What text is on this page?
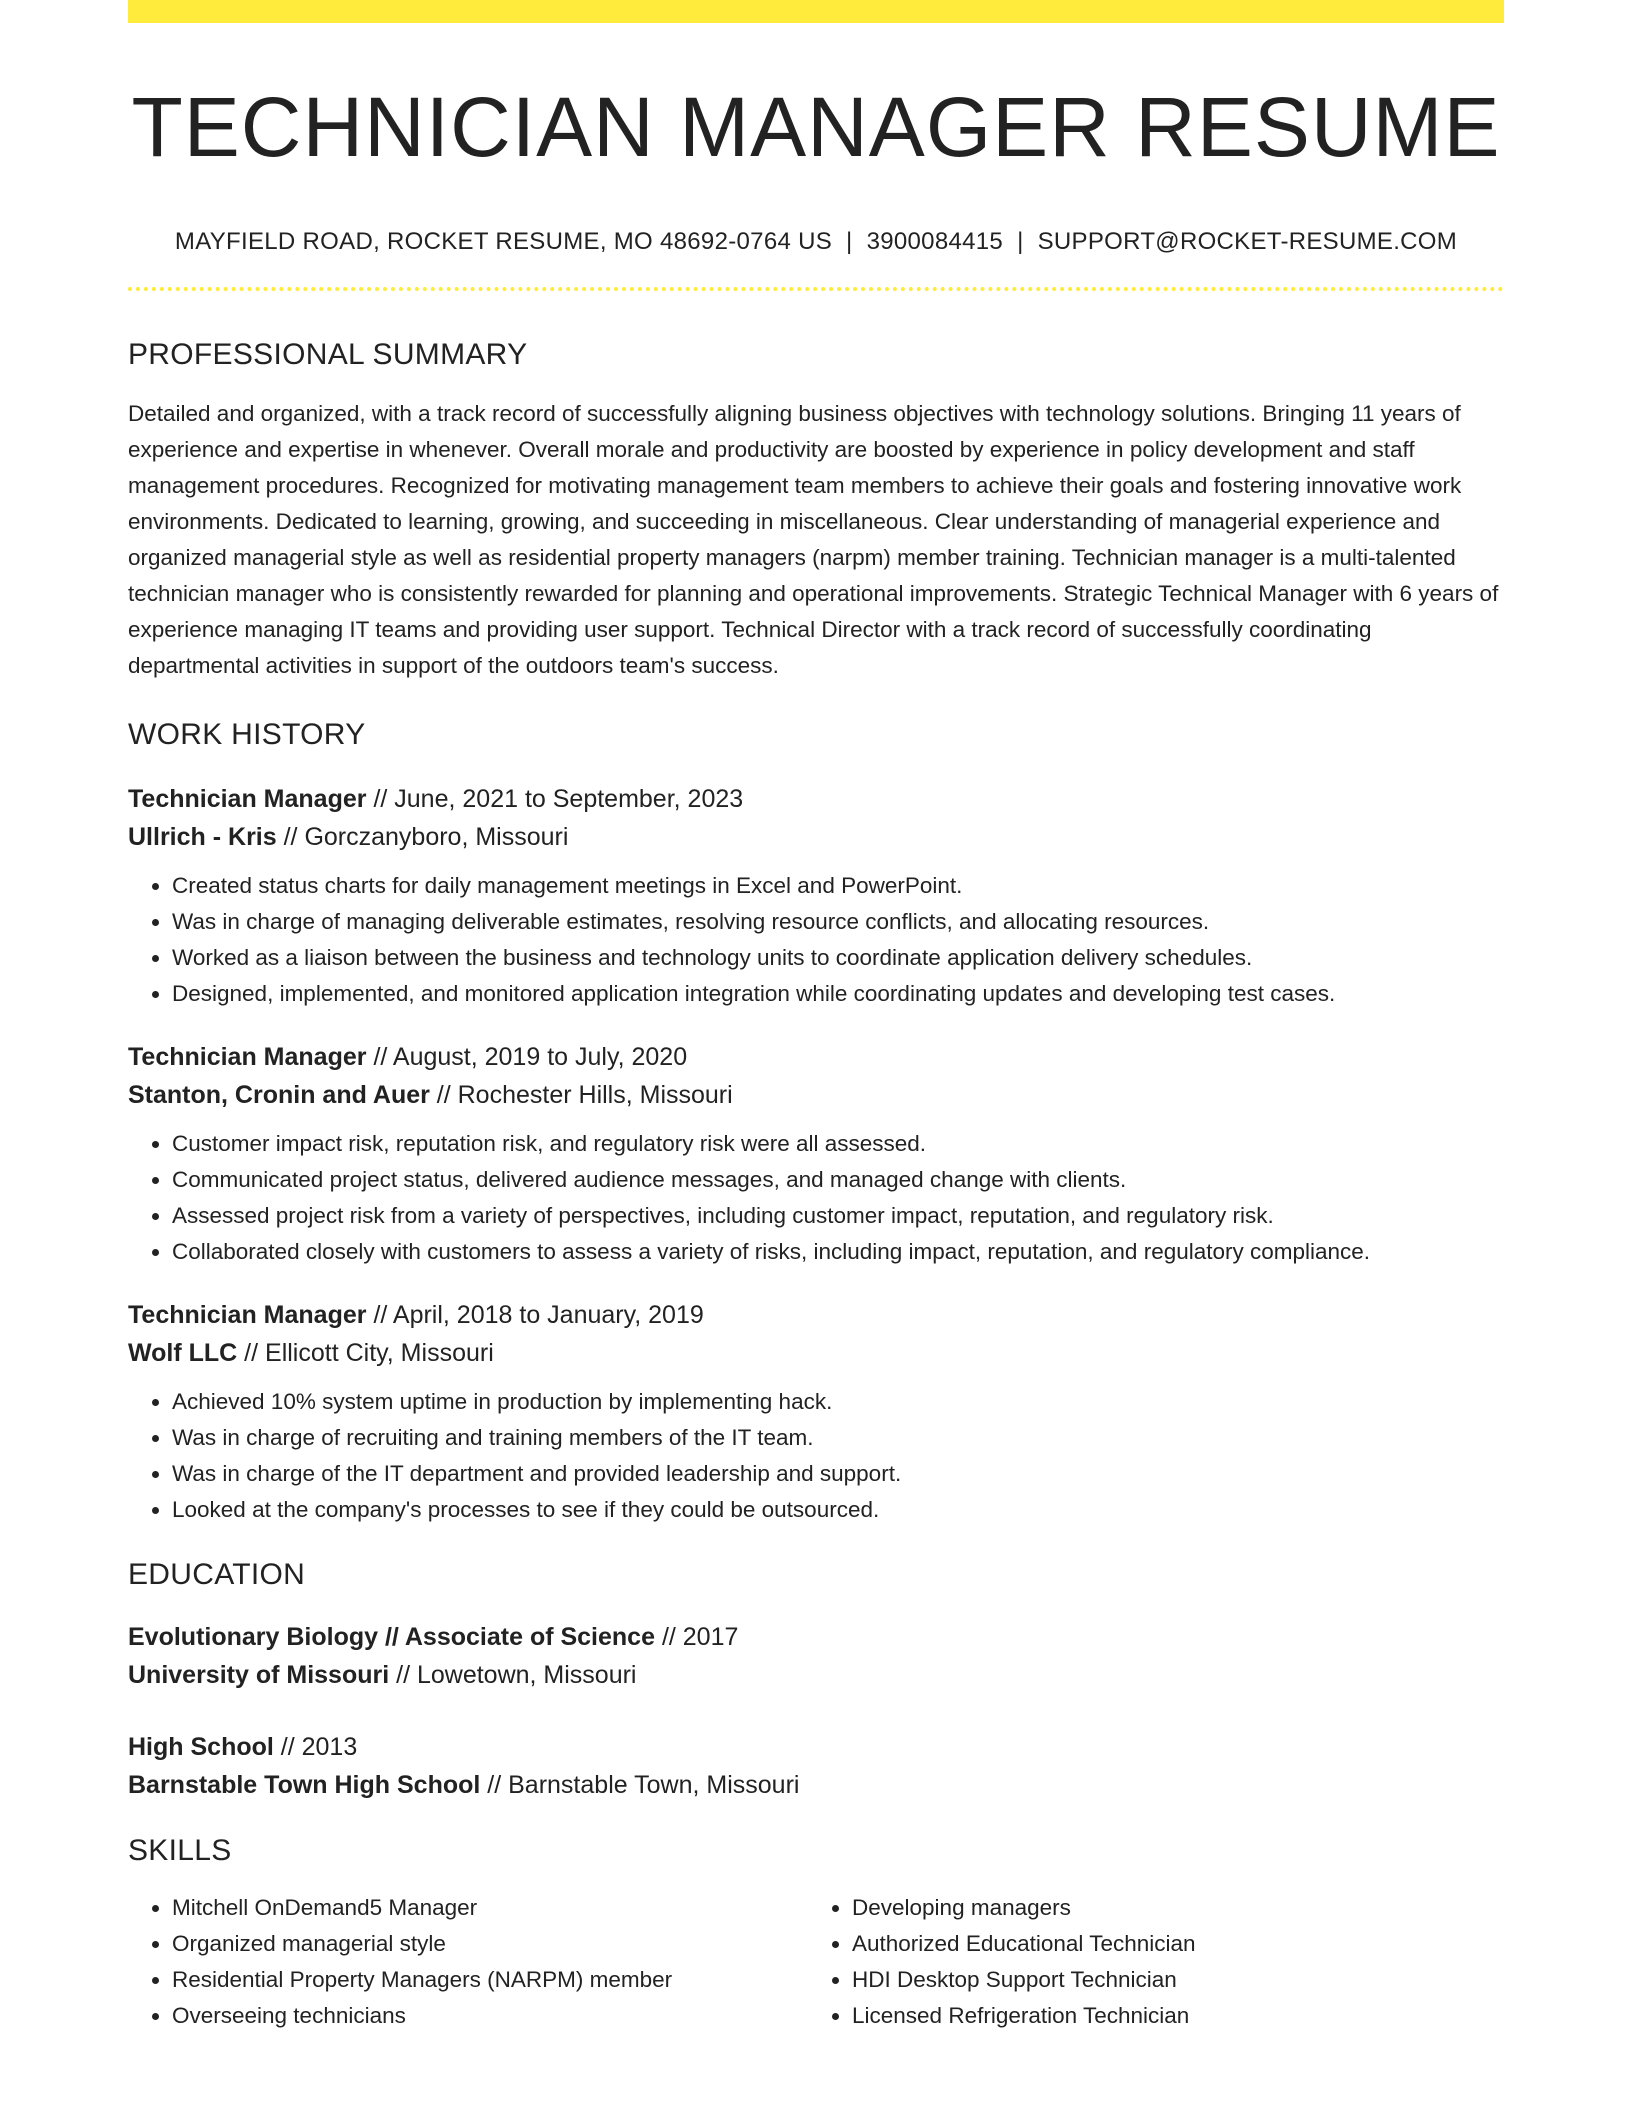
TECHNICIAN MANAGER RESUME
MAYFIELD ROAD, ROCKET RESUME, MO 48692-0764 US | 3900084415 | SUPPORT@ROCKET-RESUME.COM
PROFESSIONAL SUMMARY

Detailed and organized, with a track record of successfully aligning business objectives with technology solutions. Bringing 11 years of experience and expertise in whenever. Overall morale and productivity are boosted by experience in policy development and staff management procedures. Recognized for motivating management team members to achieve their goals and fostering innovative work environments. Dedicated to learning, growing, and succeeding in miscellaneous. Clear understanding of managerial experience and organized managerial style as well as residential property managers (narpm) member training. Technician manager is a multi-talented technician manager who is consistently rewarded for planning and operational improvements. Strategic Technical Manager with 6 years of experience managing IT teams and providing user support. Technical Director with a track record of successfully coordinating departmental activities in support of the outdoors team's success.

WORK HISTORY
Technician Manager // June, 2021 to September, 2023
Ullrich - Kris // Gorczanyboro, Missouri
• Created status charts for daily management meetings in Excel and PowerPoint.
• Was in charge of managing deliverable estimates, resolving resource conflicts, and allocating resources.
• Worked as a liaison between the business and technology units to coordinate application delivery schedules.
• Designed, implemented, and monitored application integration while coordinating updates and developing test cases.
Technician Manager // August, 2019 to July, 2020
Stanton, Cronin and Auer // Rochester Hills, Missouri
• Customer impact risk, reputation risk, and regulatory risk were all assessed.
• Communicated project status, delivered audience messages, and managed change with clients.
• Assessed project risk from a variety of perspectives, including customer impact, reputation, and regulatory risk.
• Collaborated closely with customers to assess a variety of risks, including impact, reputation, and regulatory compliance.
Technician Manager // April, 2018 to January, 2019
Wolf LLC // Ellicott City, Missouri
• Achieved 10% system uptime in production by implementing hack.
• Was in charge of recruiting and training members of the IT team.
• Was in charge of the IT department and provided leadership and support.
• Looked at the company's processes to see if they could be outsourced.
EDUCATION
Evolutionary Biology // Associate of Science // 2017
University of Missouri // Lowetown, Missouri
High School // 2013
Barnstable Town High School // Barnstable Town, Missouri
SKILLS
• Mitchell OnDemand5 Manager
• Organized managerial style
• Residential Property Managers (NARPM) member
• Overseeing technicians
• Developing managers
• Authorized Educational Technician
• HDI Desktop Support Technician
• Licensed Refrigeration Technician
